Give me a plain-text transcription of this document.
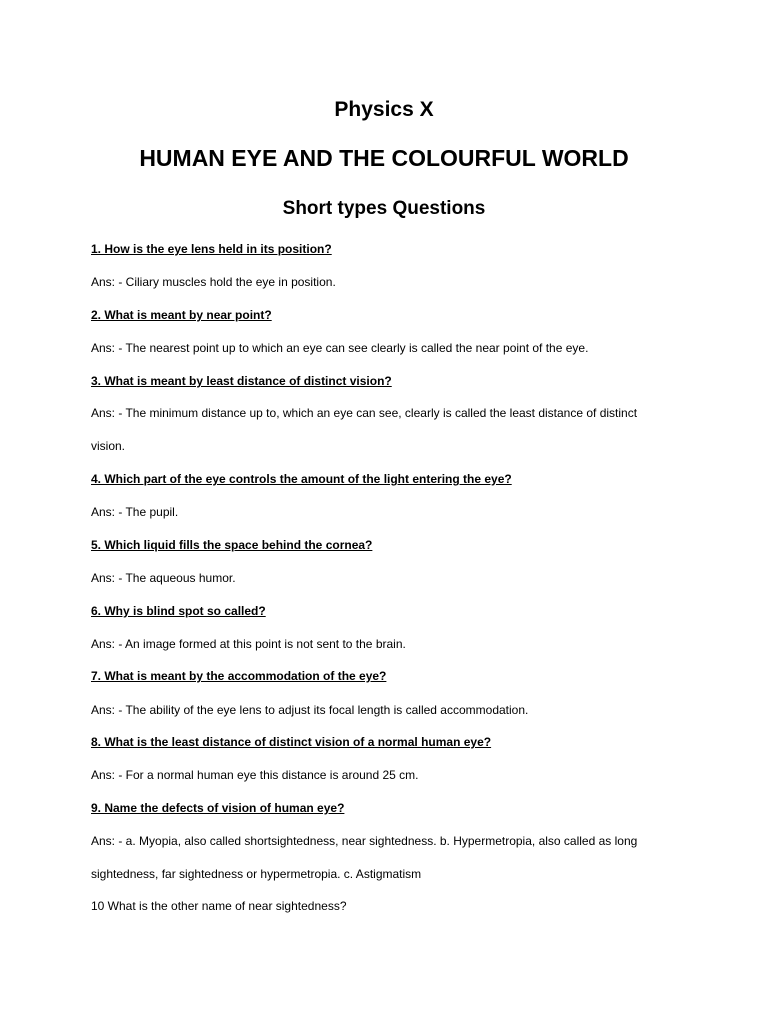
Physics X
HUMAN EYE AND THE COLOURFUL WORLD
Short types Questions
1. How is the eye lens held in its position?
Ans: - Ciliary muscles hold the eye in position.
2. What is meant by near point?
Ans: - The nearest point up to which an eye can see clearly is called the near point of the eye.
3. What is meant by least distance of distinct vision?
Ans: - The minimum distance up to, which an eye can see, clearly is called the least distance of distinct
vision.
4. Which part of the eye controls the amount of the light entering the eye?
Ans: - The pupil.
5. Which liquid fills the space behind the cornea?
Ans: - The aqueous humor.
6. Why is blind spot so called?
Ans: - An image formed at this point is not sent to the brain.
7. What is meant by the accommodation of the eye?
Ans: - The ability of the eye lens to adjust its focal length is called accommodation.
8. What is the least distance of distinct vision of a normal human eye?
Ans: - For a normal human eye this distance is around 25 cm.
9. Name the defects of vision of human eye?
Ans: - a. Myopia, also called shortsightedness, near sightedness. b. Hypermetropia, also called as long
sightedness, far sightedness or hypermetropia. c. Astigmatism
10 What is the other name of near sightedness?
